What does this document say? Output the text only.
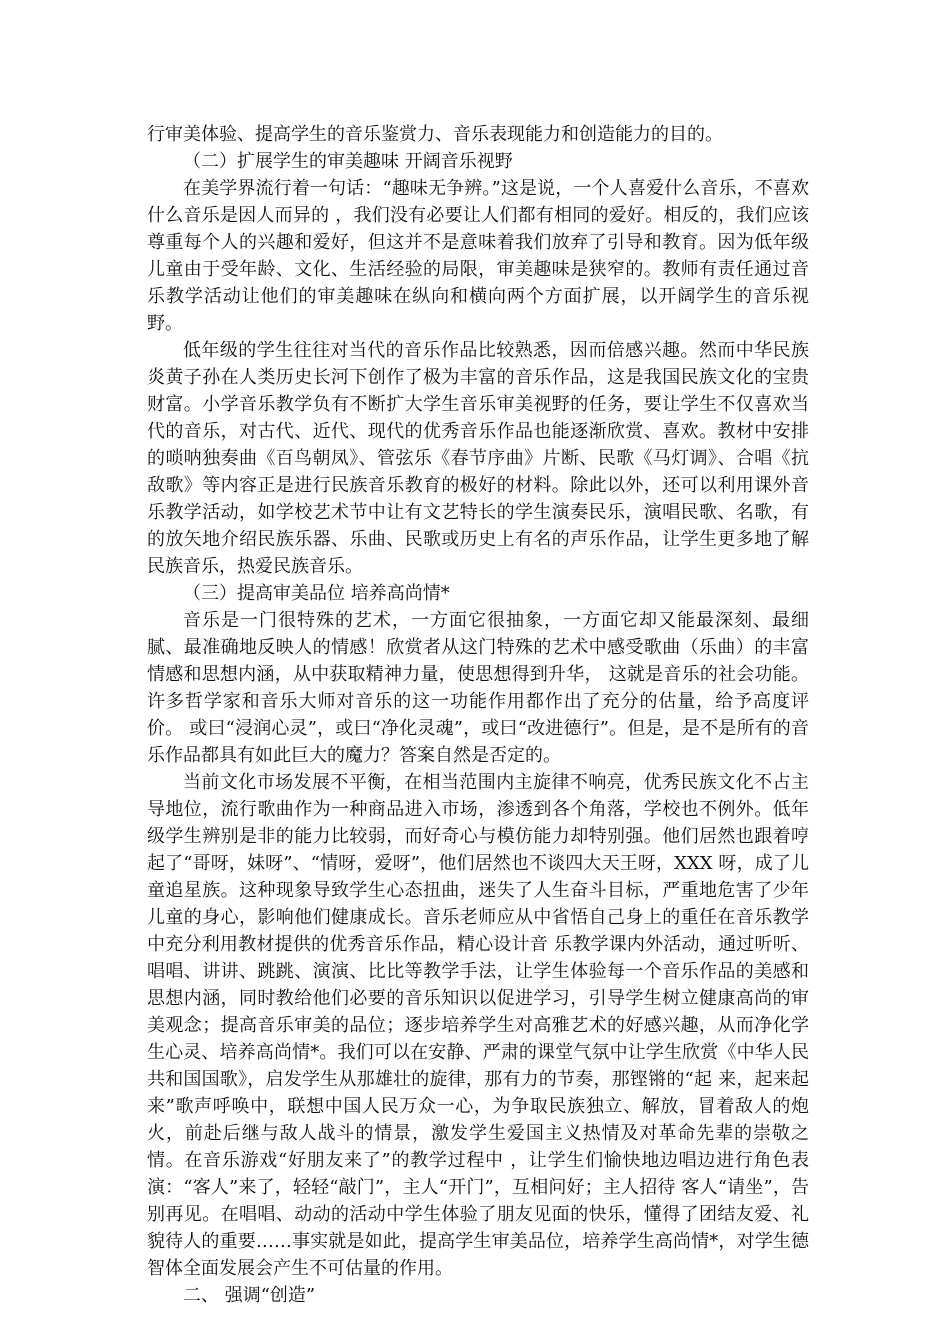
行审美体验、提高学生的音乐鉴赏力、音乐表现能力和创造能力的目的。

（二）扩展学生的审美趣味 开阔音乐视野

在美学界流行着一句话：“趣味无争辨。”这是说，一个人喜爱什么音乐，不喜欢什么音乐是因人而异的 ，我们没有必要让人们都有相同的爱好。相反的，我们应该尊重每个人的兴趣和爱好，但这并不是意味着我们放弃了引导和教育。因为低年级儿童由于受年龄、文化、生活经验的局限，审美趣味是狭窄的。教师有责任通过音乐教学活动让他们的审美趣味在纵向和横向两个方面扩展，以开阔学生的音乐视野。

低年级的学生往往对当代的音乐作品比较熟悉，因而倍感兴趣。然而中华民族炎黄子孙在人类历史长河下创作了极为丰富的音乐作品，这是我国民族文化的宝贵财富。小学音乐教学负有不断扩大学生音乐审美视野的任务，要让学生不仅喜欢当代的音乐，对古代、近代、现代的优秀音乐作品也能逐渐欣赏、喜欢。教材中安排的唢呐独奏曲《百鸟朝凤》、管弦乐《春节序曲》片断、民歌《马灯调》、合唱《抗敌歌》等内容正是进行民族音乐教育的极好的材料。除此以外，还可以利用课外音乐教学活动，如学校艺术节中让有文艺特长的学生演奏民乐，演唱民歌、名歌，有的放矢地介绍民族乐器、乐曲、民歌或历史上有名的声乐作品，让学生更多地了解民族音乐，热爱民族音乐。

（三）提高审美品位 培养高尚情*

音乐是一门很特殊的艺术，一方面它很抽象，一方面它却又能最深刻、最细腻、最准确地反映人的情感！欣赏者从这门特殊的艺术中感受歌曲（乐曲）的丰富情感和思想内涵，从中获取精神力量，使思想得到升华， 这就是音乐的社会功能。许多哲学家和音乐大师对音乐的这一功能作用都作出了充分的估量，给予高度评价。 或曰“浸润心灵”，或曰“净化灵魂”，或曰“改进德行”。但是，是不是所有的音乐作品都具有如此巨大的魔力？答案自然是否定的。

当前文化市场发展不平衡，在相当范围内主旋律不响亮，优秀民族文化不占主导地位，流行歌曲作为一种商品进入市场，渗透到各个角落，学校也不例外。低年级学生辨别是非的能力比较弱，而好奇心与模仿能力却特别强。他们居然也跟着哼起了“哥呀，妹呀”、“情呀，爱呀”，他们居然也不谈四大天王呀，XXX 呀，成了儿童追星族。这种现象导致学生心态扭曲，迷失了人生奋斗目标，严重地危害了少年儿童的身心，影响他们健康成长。音乐老师应从中省悟自己身上的重任在音乐教学中充分利用教材提供的优秀音乐作品，精心设计音 乐教学课内外活动，通过听听、唱唱、讲讲、跳跳、演演、比比等教学手法，让学生体验每一个音乐作品的美感和思想内涵，同时教给他们必要的音乐知识以促进学习，引导学生树立健康高尚的审美观念；提高音乐审美的品位；逐步培养学生对高雅艺术的好感兴趣，从而净化学生心灵、培养高尚情*。我们可以在安静、严肃的课堂气氛中让学生欣赏《中华人民共和国国歌》，启发学生从那雄壮的旋律，那有力的节奏，那铿锵的“起 来，起来起来”歌声呼唤中，联想中国人民万众一心，为争取民族独立、解放，冒着敌人的炮火，前赴后继与敌人战斗的情景，激发学生爱国主义热情及对革命先辈的崇敬之情。在音乐游戏“好朋友来了”的教学过程中 ，让学生们愉快地边唱边进行角色表演：“客人”来了，轻轻“敲门”，主人“开门”，互相问好；主人招待 客人“请坐”，告别再见。在唱唱、动动的活动中学生体验了朋友见面的快乐，懂得了团结友爱、礼貌待人的重要……事实就是如此，提高学生审美品位，培养学生高尚情*，对学生德智体全面发展会产生不可估量的作用。

二、 强调“创造”
